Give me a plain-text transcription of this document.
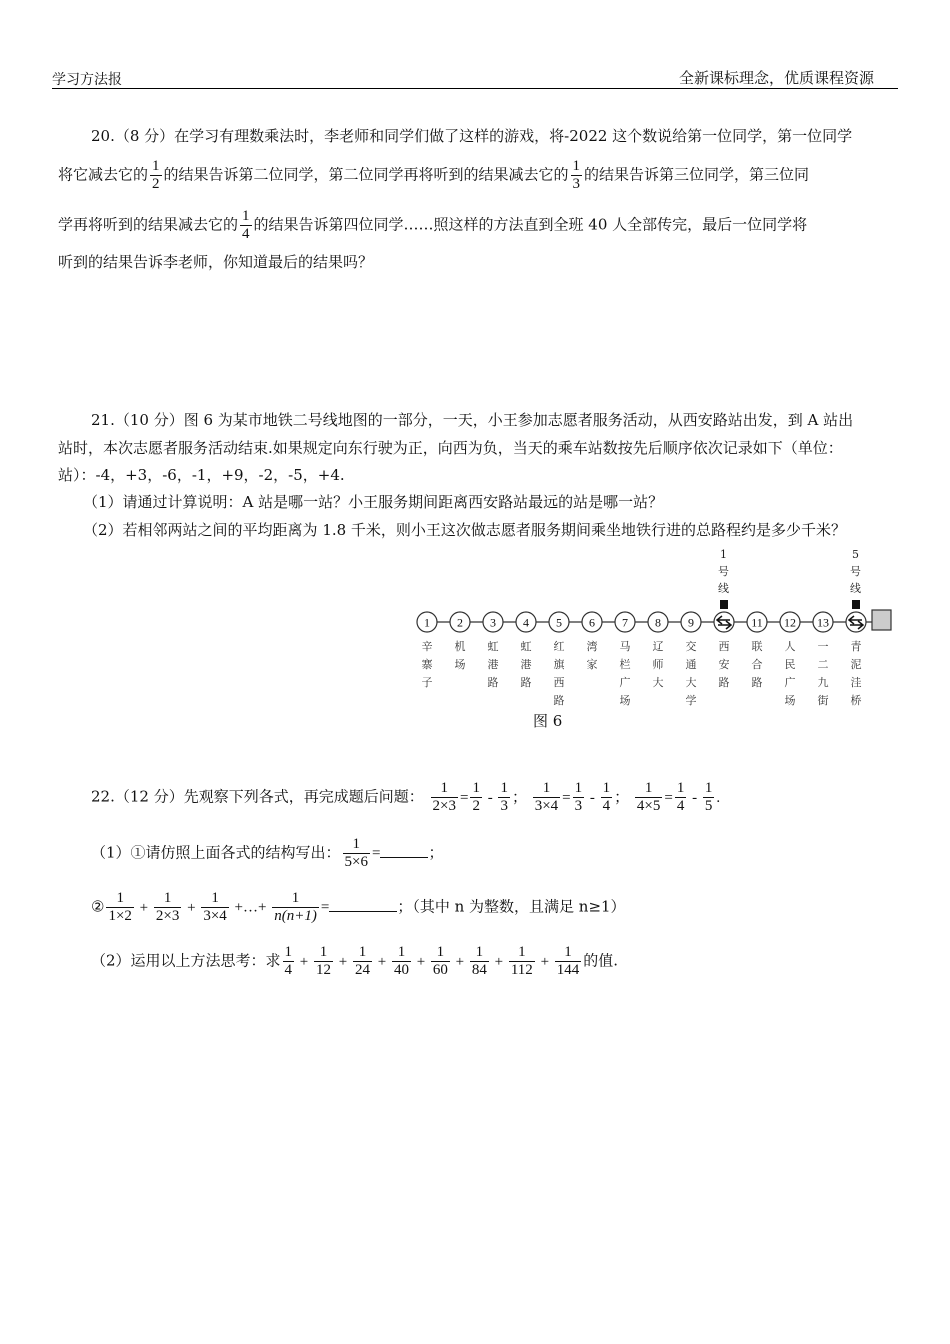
学习方法报	全新课标理念，优质课程资源
20.（8 分）在学习有理数乘法时，李老师和同学们做了这样的游戏，将-2022 这个数说给第一位同学，第一位同学
将它减去它的 $\frac{1}{2}$ 的结果告诉第二位同学，第二位同学再将听到的结果减去它的 $\frac{1}{3}$ 的结果告诉第三位同学，第三位同
学再将听到的结果减去它的 $\frac{1}{4}$ 的结果告诉第四位同学……照这样的方法直到全班 40 人全部传完，最后一位同学将
听到的结果告诉李老师，你知道最后的结果吗？
21.（10 分）图 6 为某市地铁二号线地图的一部分，一天，小王参加志愿者服务活动，从西安路站出发，到 A 站出
站时，本次志愿者服务活动结束.如果规定向东行驶为正，向西为负，当天的乘车站数按先后顺序依次记录如下（单位：
站）：-4，+3，-6，-1，+9，-2，-5，+4.
（1）请通过计算说明：A 站是哪一站？小王服务期间距离西安路站最远的站是哪一站？
（2）若相邻两站之间的平均距离为 1.8 千米，则小王这次做志愿者服务期间乘坐地铁行进的总路程约是多少千米？
1
辛
寨
子
2
机
场
3
虹
港
路
4
虹
港
路
5
红
旗
西
路
6
湾
家
7
马
栏
广
场
8
辽
师
大
9
交
通
大
学
1
号
线
西
安
路
11
联
合
路
12
人
民
广
场
13
一
二
九
街
5
号
线
青
泥
洼
桥
图 6
22.（12 分）先观察下列各式，再完成题后问题： $\frac{1}{2\times 3} = \frac{1}{2} - \frac{1}{3}$ ； $\frac{1}{3\times 4} = \frac{1}{3} - \frac{1}{4}$ ； $\frac{1}{4\times 5} = \frac{1}{4} - \frac{1}{5}$ .
（1）①请仿照上面各式的结构写出： $\frac{1}{5\times 6}$ =	；
② $\frac{1}{1\times 2} + \frac{1}{2\times 3} + \frac{1}{3\times 4}$ +…+ $\frac{1}{n(n+1)}$ =	；（其中 n 为整数，且满足 n≥1）
（2）运用以上方法思考：求 $\frac{1}{4} + \frac{1}{12} + \frac{1}{24} + \frac{1}{40} + \frac{1}{60} + \frac{1}{84} + \frac{1}{112} + \frac{1}{144}$ 的值.
